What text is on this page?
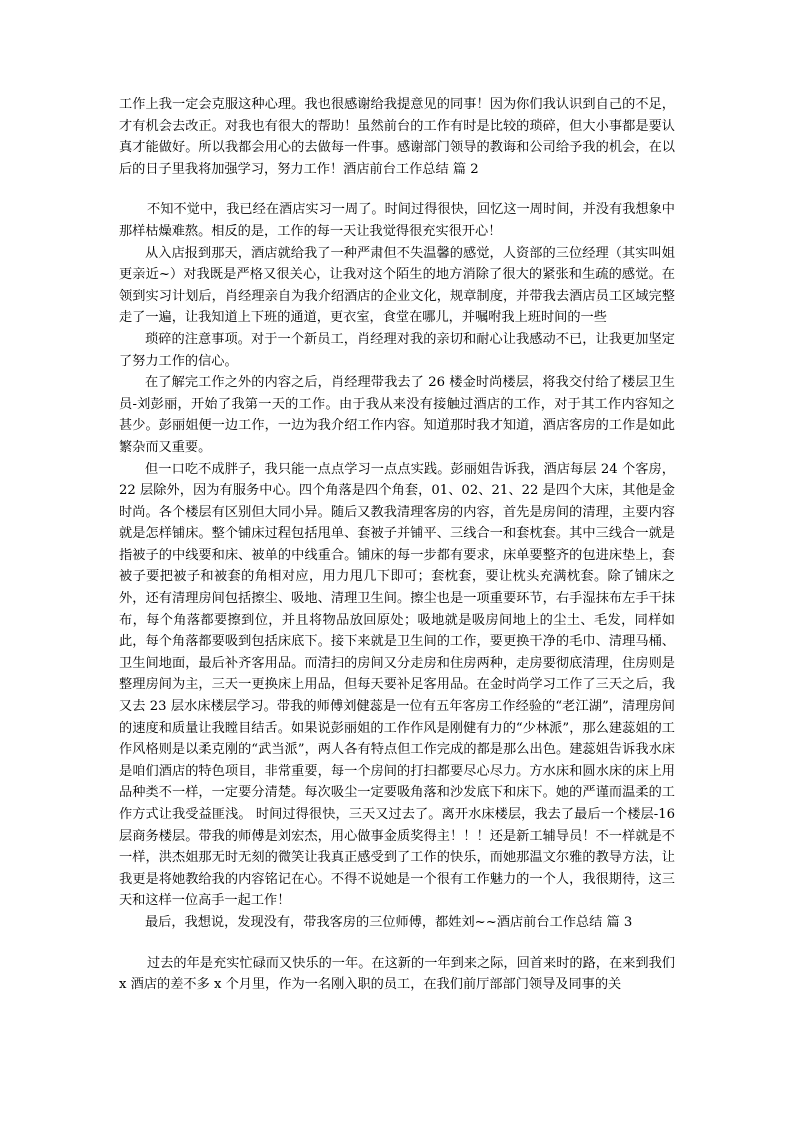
工作上我一定会克服这种心理。我也很感谢给我提意见的同事！因为你们我认识到自己的不足，才有机会去改正。对我也有很大的帮助！虽然前台的工作有时是比较的琐碎，但大小事都是要认真才能做好。所以我都会用心的去做每一件事。感谢部门领导的教诲和公司给予我的机会，在以后的日子里我将加强学习，努力工作！酒店前台工作总结 篇 2

不知不觉中，我已经在酒店实习一周了。时间过得很快，回忆这一周时间，并没有我想象中那样枯燥难熬。相反的是，工作的每一天让我觉得很充实很开心！

从入店报到那天，酒店就给我了一种严肃但不失温馨的感觉，人资部的三位经理（其实叫姐更亲近~）对我既是严格又很关心，让我对这个陌生的地方消除了很大的紧张和生疏的感觉。在领到实习计划后，肖经理亲自为我介绍酒店的企业文化，规章制度，并带我去酒店员工区域完整走了一遍，让我知道上下班的通道，更衣室，食堂在哪儿，并嘱咐我上班时间的一些

琐碎的注意事项。对于一个新员工，肖经理对我的亲切和耐心让我感动不已，让我更加坚定了努力工作的信心。

在了解完工作之外的内容之后，肖经理带我去了 26 楼金时尚楼层，将我交付给了楼层卫生员-刘彭丽，开始了我第一天的工作。由于我从来没有接触过酒店的工作，对于其工作内容知之甚少。彭丽姐便一边工作，一边为我介绍工作内容。知道那时我才知道，酒店客房的工作是如此繁杂而又重要。

但一口吃不成胖子，我只能一点点学习一点点实践。彭丽姐告诉我，酒店每层 24 个客房，22 层除外，因为有服务中心。四个角落是四个角套，01、02、21、22 是四个大床，其他是金时尚。各个楼层有区别但大同小异。随后又教我清理客房的内容，首先是房间的清理，主要内容就是怎样铺床。整个铺床过程包括甩单、套被子并铺平、三线合一和套枕套。其中三线合一就是指被子的中线要和床、被单的中线重合。铺床的每一步都有要求，床单要整齐的包进床垫上，套被子要把被子和被套的角相对应，用力甩几下即可；套枕套，要让枕头充满枕套。除了铺床之外，还有清理房间包括擦尘、吸地、清理卫生间。擦尘也是一项重要环节，右手湿抹布左手干抹布，每个角落都要擦到位，并且将物品放回原处；吸地就是吸房间地上的尘土、毛发，同样如此，每个角落都要吸到包括床底下。接下来就是卫生间的工作，要更换干净的毛巾、清理马桶、卫生间地面，最后补齐客用品。而清扫的房间又分走房和住房两种，走房要彻底清理，住房则是整理房间为主，三天一更换床上用品，但每天要补足客用品。在金时尚学习工作了三天之后，我又去 23 层水床楼层学习。带我的师傅刘健蕊是一位有五年客房工作经验的“老江湖”，清理房间的速度和质量让我瞠目结舌。如果说彭丽姐的工作作风是刚健有力的“少林派”，那么建蕊姐的工作风格则是以柔克刚的“武当派”，两人各有特点但工作完成的都是那么出色。建蕊姐告诉我水床是咱们酒店的特色项目，非常重要，每一个房间的打扫都要尽心尽力。方水床和圆水床的床上用品种类不一样，一定要分清楚。每次吸尘一定要吸角落和沙发底下和床下。她的严谨而温柔的工作方式让我受益匪浅。 时间过得很快，三天又过去了。离开水床楼层，我去了最后一个楼层-16 层商务楼层。带我的师傅是刘宏杰，用心做事金质奖得主！！！还是新工辅导员！不一样就是不一样，洪杰姐那无时无刻的微笑让我真正感受到了工作的快乐，而她那温文尔雅的教导方法，让我更是将她教给我的内容铭记在心。不得不说她是一个很有工作魅力的一个人，我很期待，这三天和这样一位高手一起工作！

最后，我想说，发现没有，带我客房的三位师傅，都姓刘~~酒店前台工作总结 篇 3

过去的年是充实忙碌而又快乐的一年。在这新的一年到来之际，回首来时的路，在来到我们 x 酒店的差不多 x 个月里，作为一名刚入职的员工，在我们前厅部部门领导及同事的关
